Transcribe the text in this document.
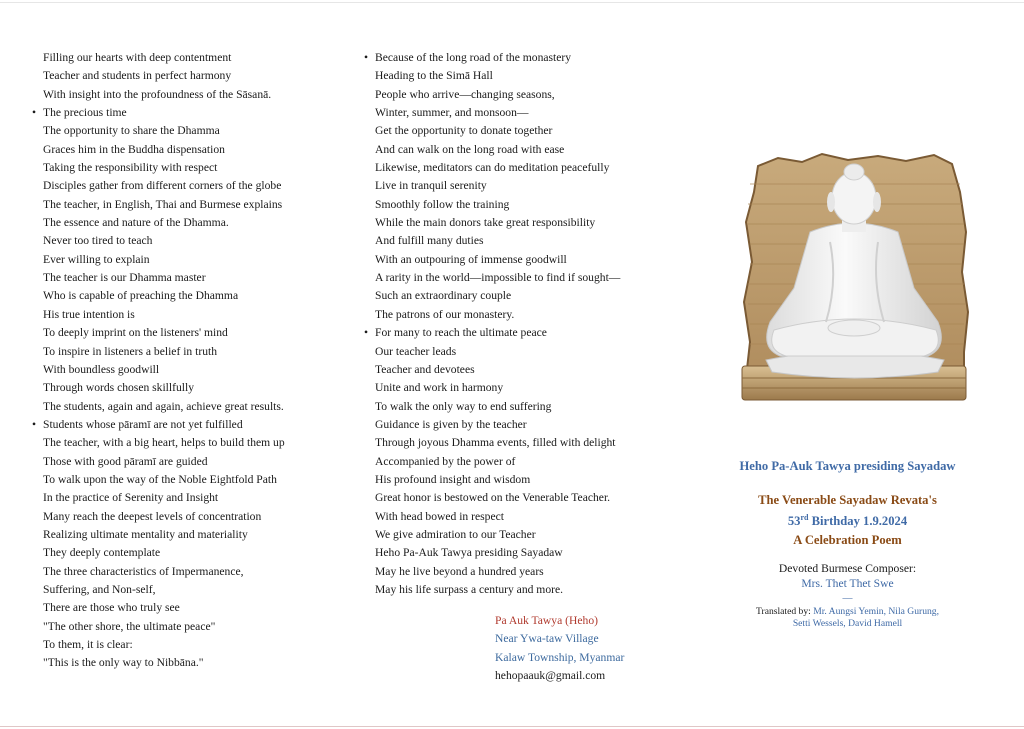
Filling our hearts with deep contentment
Teacher and students in perfect harmony
With insight into the profoundness of the Sāsanā.
• The precious time
The opportunity to share the Dhamma
Graces him in the Buddha dispensation
Taking the responsibility with respect
Disciples gather from different corners of the globe
The teacher, in English, Thai and Burmese explains
The essence and nature of the Dhamma.
Never too tired to teach
Ever willing to explain
The teacher is our Dhamma master
Who is capable of preaching the Dhamma
His true intention is
To deeply imprint on the listeners' mind
To inspire in listeners a belief in truth
With boundless goodwill
Through words chosen skillfully
The students, again and again, achieve great results.
• Students whose pāramī are not yet fulfilled
The teacher, with a big heart, helps to build them up
Those with good pāramī are guided
To walk upon the way of the Noble Eightfold Path
In the practice of Serenity and Insight
Many reach the deepest levels of concentration
Realizing ultimate mentality and materiality
They deeply contemplate
The three characteristics of Impermanence,
Suffering, and Non-self,
There are those who truly see
"The other shore, the ultimate peace"
To them, it is clear:
"This is the only way to Nibbāna."
• Because of the long road of the monastery
Heading to the Simā Hall
People who arrive—changing seasons,
Winter, summer, and monsoon—
Get the opportunity to donate together
And can walk on the long road with ease
Likewise, meditators can do meditation peacefully
Live in tranquil serenity
Smoothly follow the training
While the main donors take great responsibility
And fulfill many duties
With an outpouring of immense goodwill
A rarity in the world—impossible to find if sought—
Such an extraordinary couple
The patrons of our monastery.
• For many to reach the ultimate peace
Our teacher leads
Teacher and devotees
Unite and work in harmony
To walk the only way to end suffering
Guidance is given by the teacher
Through joyous Dhamma events, filled with delight
Accompanied by the power of
His profound insight and wisdom
Great honor is bestowed on the Venerable Teacher.
With head bowed in respect
We give admiration to our Teacher
Heho Pa-Auk Tawya presiding Sayadaw
May he live beyond a hundred years
May his life surpass a century and more.
Pa Auk Tawya (Heho)
Near Ywa-taw Village
Kalaw Township, Myanmar
hehopaauk@gmail.com
Heho Pa-Auk Tawya presiding Sayadaw
The Venerable Sayadaw Revata's
53rd Birthday 1.9.2024
A Celebration Poem
Devoted Burmese Composer:
Mrs. Thet Thet Swe
—
Translated by: Mr. Aungsi Yemin, Nila Gurung,
Setti Wessels, David Hamell
